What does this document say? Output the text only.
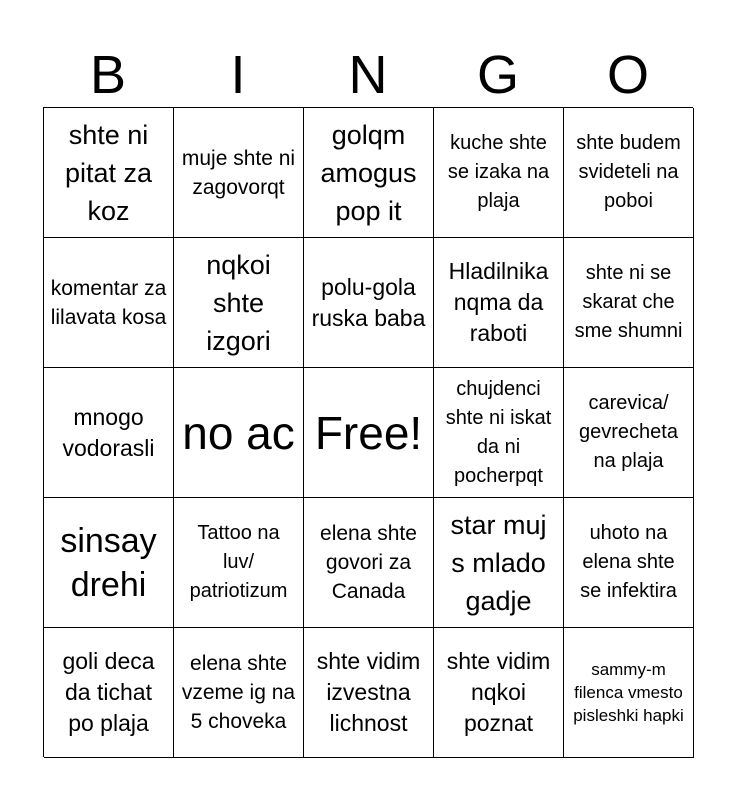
B	I	N	G	O
shte ni pitat za koz
muje shte ni zagovorqt
golqm amogus pop it
kuche shte se izaka na plaja
shte budem svideteli na poboi
komentar za lilavata kosa
nqkoi shte izgori
polu-gola ruska baba
Hladilnika nqma da raboti
shte ni se skarat che sme shumni
mnogo vodorasli no ac Free!
chujdenci shte ni iskat da ni pocherpqt
carevica/ gevrecheta na plaja
sinsay drehi
Tattoo na luv/ patriotizum
elena shte govori za Canada
star muj s mlado gadje
uhoto na elena shte se infektira
goli deca da tichat po plaja
elena shte vzeme ig na 5 choveka
shte vidim izvestna lichnost
shte vidim nqkoi poznat
sammy-m filenca vmesto pisleshki hapki
